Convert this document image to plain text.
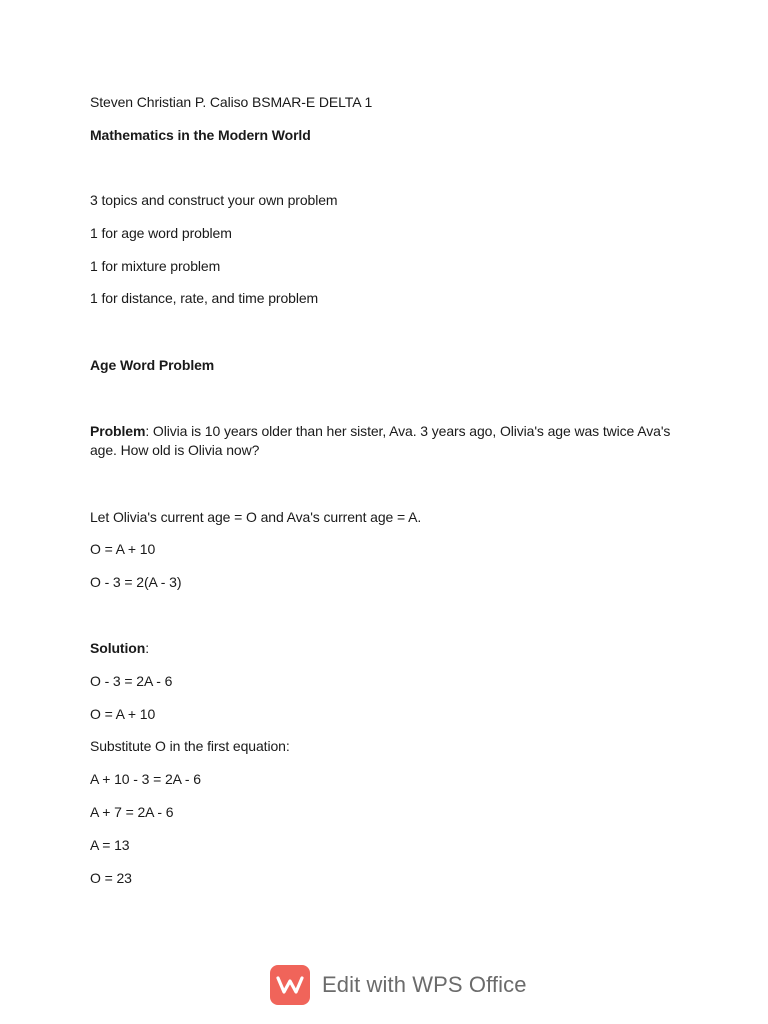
Steven Christian P. Caliso BSMAR-E DELTA 1
Mathematics in the Modern World
3 topics and construct your own problem
1 for age word problem
1 for mixture problem
1 for distance, rate, and time problem
Age Word Problem
Problem: Olivia is 10 years older than her sister, Ava. 3 years ago, Olivia's age was twice Ava's age. How old is Olivia now?
Let Olivia's current age = O and Ava's current age = A.
O = A + 10
O - 3 = 2(A - 3)
Solution:
O - 3 = 2A - 6
O = A + 10
Substitute O in the first equation:
A + 10 - 3 = 2A - 6
A + 7 = 2A - 6
A = 13
O = 23
Edit with WPS Office
